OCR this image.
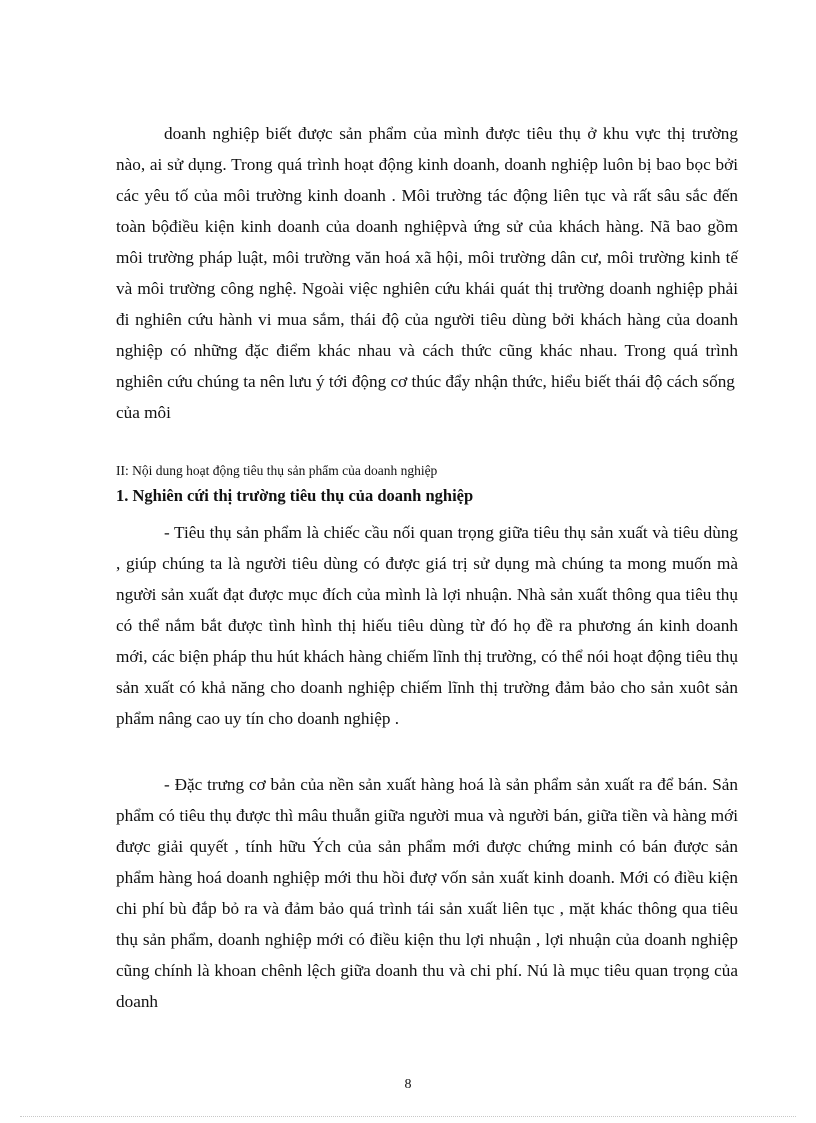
doanh nghiệp biết được sản phẩm của mình được tiêu thụ ở khu vực thị trường nào, ai sử dụng. Trong quá trình hoạt động kinh doanh, doanh nghiệp luôn bị bao bọc bởi các yêu tố của môi trường kinh doanh . Môi trường tác động liên tục và rất sâu sắc đến toàn bộđiều kiện kinh doanh của doanh nghiệpvà ứng sử của khách hàng. Nã bao gồm môi trường pháp luật, môi trường văn hoá xã hội, môi trường dân cư, môi trường kinh tế và môi trường công nghệ. Ngoài việc nghiên cứu khái quát thị trường doanh nghiệp phải đi nghiên cứu hành vi mua sắm, thái độ của người tiêu dùng bởi khách hàng của doanh nghiệp có những đặc điểm khác nhau và cách thức cũng khác nhau. Trong quá trình nghiên cứu chúng ta nên lưu ý tới động cơ thúc đẩy nhận thức, hiểu biết thái độ cách sống
của môi

II: Nội dung hoạt động tiêu thụ sản phẩm của doanh nghiệp

1. Nghiên cứi thị trường tiêu thụ của doanh nghiệp

- Tiêu thụ sản phẩm là chiếc cầu nối quan trọng giữa tiêu thụ sản xuất và tiêu dùng , giúp chúng ta là người tiêu dùng có được giá trị sử dụng mà chúng ta mong muốn mà người sản xuất đạt được mục đích của mình là lợi nhuận. Nhà sản xuất thông qua tiêu thụ có thể nắm bắt được tình hình thị hiếu tiêu dùng từ đó họ đề ra phương án kinh doanh mới, các biện pháp thu hút khách hàng chiếm lĩnh thị trường, có thể nói hoạt động tiêu thụ sản xuất có khả năng cho doanh nghiệp chiếm lĩnh thị trường đảm bảo cho sản xuôt sản phẩm nâng cao uy tín cho doanh nghiệp .

- Đặc trưng cơ bản của nền sản xuất hàng hoá là sản phẩm sản xuất ra để bán. Sản phẩm có tiêu thụ được thì mâu thuẫn giữa người mua và người bán, giữa tiền và hàng mới được giải quyết , tính hữu Ých của sản phẩm mới được chứng minh có bán được sản phẩm hàng hoá doanh nghiệp mới thu hồi đượ vốn sản xuất kinh doanh. Mới có điều kiện chi phí bù đắp bỏ ra và đảm bảo quá trình tái sản xuất liên tục , mặt khác thông qua tiêu thụ sản phẩm, doanh nghiệp mới có điều kiện thu lợi nhuận , lợi nhuận của doanh nghiệp cũng chính là khoan chênh lệch giữa doanh thu và chi phí. Nú là mục tiêu quan trọng của doanh

8
